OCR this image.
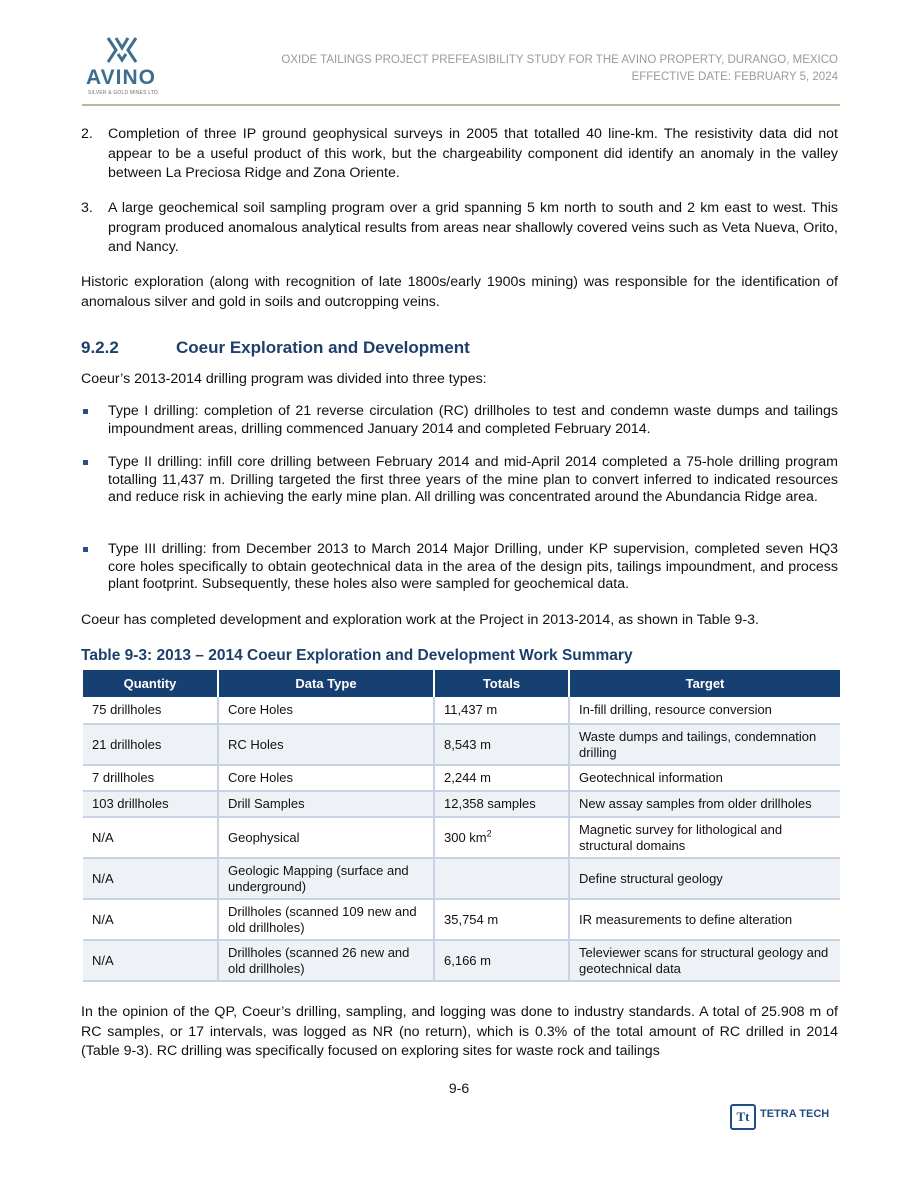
AVINO
SILVER & GOLD MINES LTD.
OXIDE TAILINGS PROJECT PREFEASIBILITY STUDY FOR THE AVINO PROPERTY, DURANGO, MEXICO
EFFECTIVE DATE: FEBRUARY 5, 2024
2. Completion of three IP ground geophysical surveys in 2005 that totalled 40 line-km. The resistivity data did not appear to be a useful product of this work, but the chargeability component did identify an anomaly in the valley between La Preciosa Ridge and Zona Oriente.
3. A large geochemical soil sampling program over a grid spanning 5 km north to south and 2 km east to west. This program produced anomalous analytical results from areas near shallowly covered veins such as Veta Nueva, Orito, and Nancy.
Historic exploration (along with recognition of late 1800s/early 1900s mining) was responsible for the identification of anomalous silver and gold in soils and outcropping veins.
9.2.2	Coeur Exploration and Development
Coeur’s 2013-2014 drilling program was divided into three types:
Type I drilling: completion of 21 reverse circulation (RC) drillholes to test and condemn waste dumps and tailings impoundment areas, drilling commenced January 2014 and completed February 2014.
Type II drilling: infill core drilling between February 2014 and mid-April 2014 completed a 75-hole drilling program totalling 11,437 m. Drilling targeted the first three years of the mine plan to convert inferred to indicated resources and reduce risk in achieving the early mine plan. All drilling was concentrated around the Abundancia Ridge area.
Type III drilling: from December 2013 to March 2014 Major Drilling, under KP supervision, completed seven HQ3 core holes specifically to obtain geotechnical data in the area of the design pits, tailings impoundment, and process plant footprint. Subsequently, these holes also were sampled for geochemical data.
Coeur has completed development and exploration work at the Project in 2013-2014, as shown in Table 9-3.
Table 9-3: 2013 – 2014 Coeur Exploration and Development Work Summary
Quantity	Data Type	Totals	Target
75 drillholes	Core Holes	11,437 m	In-fill drilling, resource conversion
21 drillholes	RC Holes	8,543 m	Waste dumps and tailings, condemnation drilling
7 drillholes	Core Holes	2,244 m	Geotechnical information
103 drillholes	Drill Samples	12,358 samples	New assay samples from older drillholes
N/A	Geophysical	300 $km^2$	Magnetic survey for lithological and structural domains
N/A	Geologic Mapping (surface and underground)		Define structural geology
N/A	Drillholes (scanned 109 new and old drillholes)	35,754 m	IR measurements to define alteration
N/A	Drillholes (scanned 26 new and old drillholes)	6,166 m	Televiewer scans for structural geology and geotechnical data
In the opinion of the QP, Coeur’s drilling, sampling, and logging was done to industry standards. A total of 25.908 m of RC samples, or 17 intervals, was logged as NR (no return), which is 0.3% of the total amount of RC drilled in 2014 (Table 9-3). RC drilling was specifically focused on exploring sites for waste rock and tailings
9-6
Tt TETRA TECH
